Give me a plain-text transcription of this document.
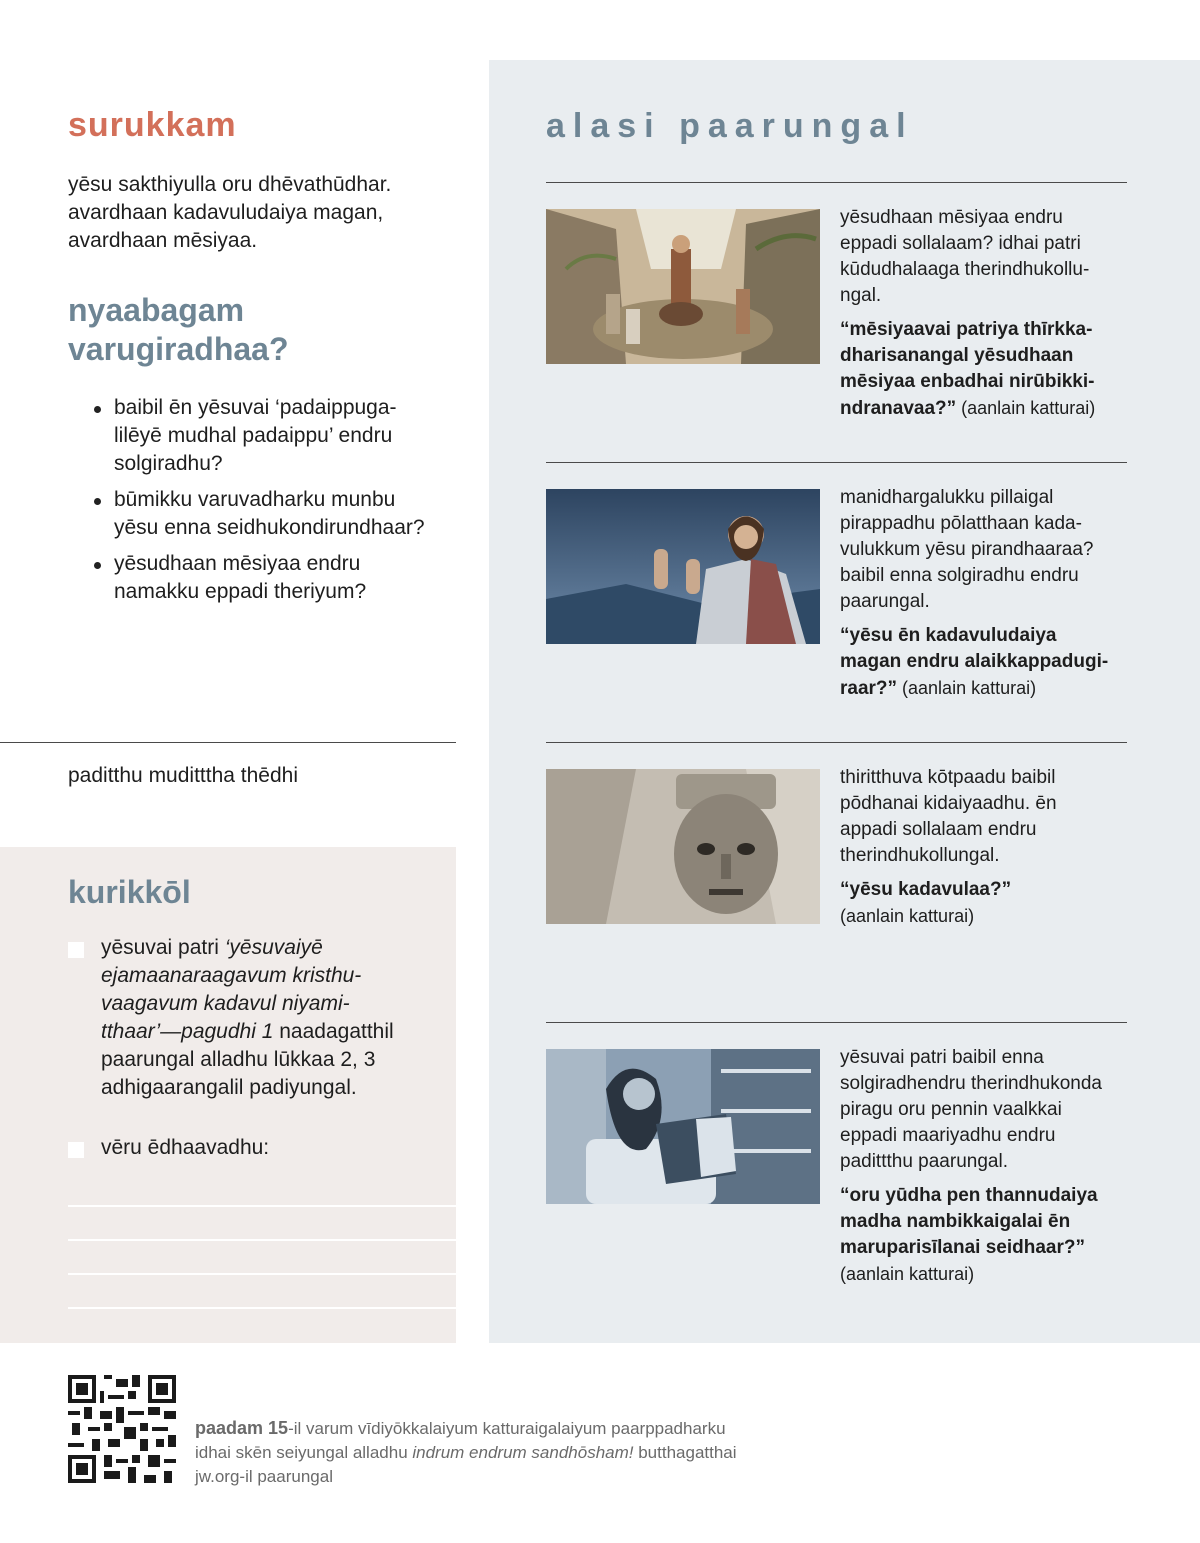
surukkam
yēsu sakthiyulla oru dhēvathūdhar.
avardhaan kadavuludaiya magan,
avardhaan mēsiyaa.
nyaabagam
varugiradhaa?
baibil ēn yēsuvai ‘padaippuga-
lilēyē mudhal padaippu’ endru
solgiradhu?
būmikku varuvadharku munbu
yēsu enna seidhukondirundhaar?
yēsudhaan mēsiyaa endru
namakku eppadi theriyum?
paditthu muditttha thēdhi
kurikkōl
yēsuvai patri ‘yēsuvaiyē
ejamaanaraagavum kristhu-
vaagavum kadavul niyami-
tthaar’—pagudhi 1 naadagatthil
paarungal alladhu lūkkaa 2, 3
adhigaarangalil padiyungal.
vēru ēdhaavadhu:
alasi paarungal
yēsudhaan mēsiyaa endru
eppadi sollalaam? idhai patri
kūdudhalaaga therindhukollu-
ngal.
“mēsiyaavai patriya thīrkka-
dharisanangal yēsudhaan
mēsiyaa enbadhai nirūbikki-
ndranavaa?” (aanlain katturai)
manidhargalukku pillaigal
pirappadhu pōlatthaan kada-
vulukkum yēsu pirandhaaraa?
baibil enna solgiradhu endru
paarungal.
“yēsu ēn kadavuludaiya
magan endru alaikkappadugi-
raar?” (aanlain katturai)
thiritthuva kōtpaadu baibil
pōdhanai kidaiyaadhu. ēn
appadi sollalaam endru
therindhukollungal.
“yēsu kadavulaa?”
(aanlain katturai)
yēsuvai patri baibil enna
solgiradhendru therindhukonda
piragu oru pennin vaalkkai
eppadi maariyadhu endru
padittthu paarungal.
“oru yūdha pen thannudaiya
madha nambikkaigalai ēn
maruparisīlanai seidhaar?”
(aanlain katturai)
paadam 15-il varum vīdiyōkkalaiyum katturaigalaiyum paarppadharku
idhai skēn seiyungal alladhu indrum endrum sandhōsham! butthagatthai
jw.org-il paarungal
